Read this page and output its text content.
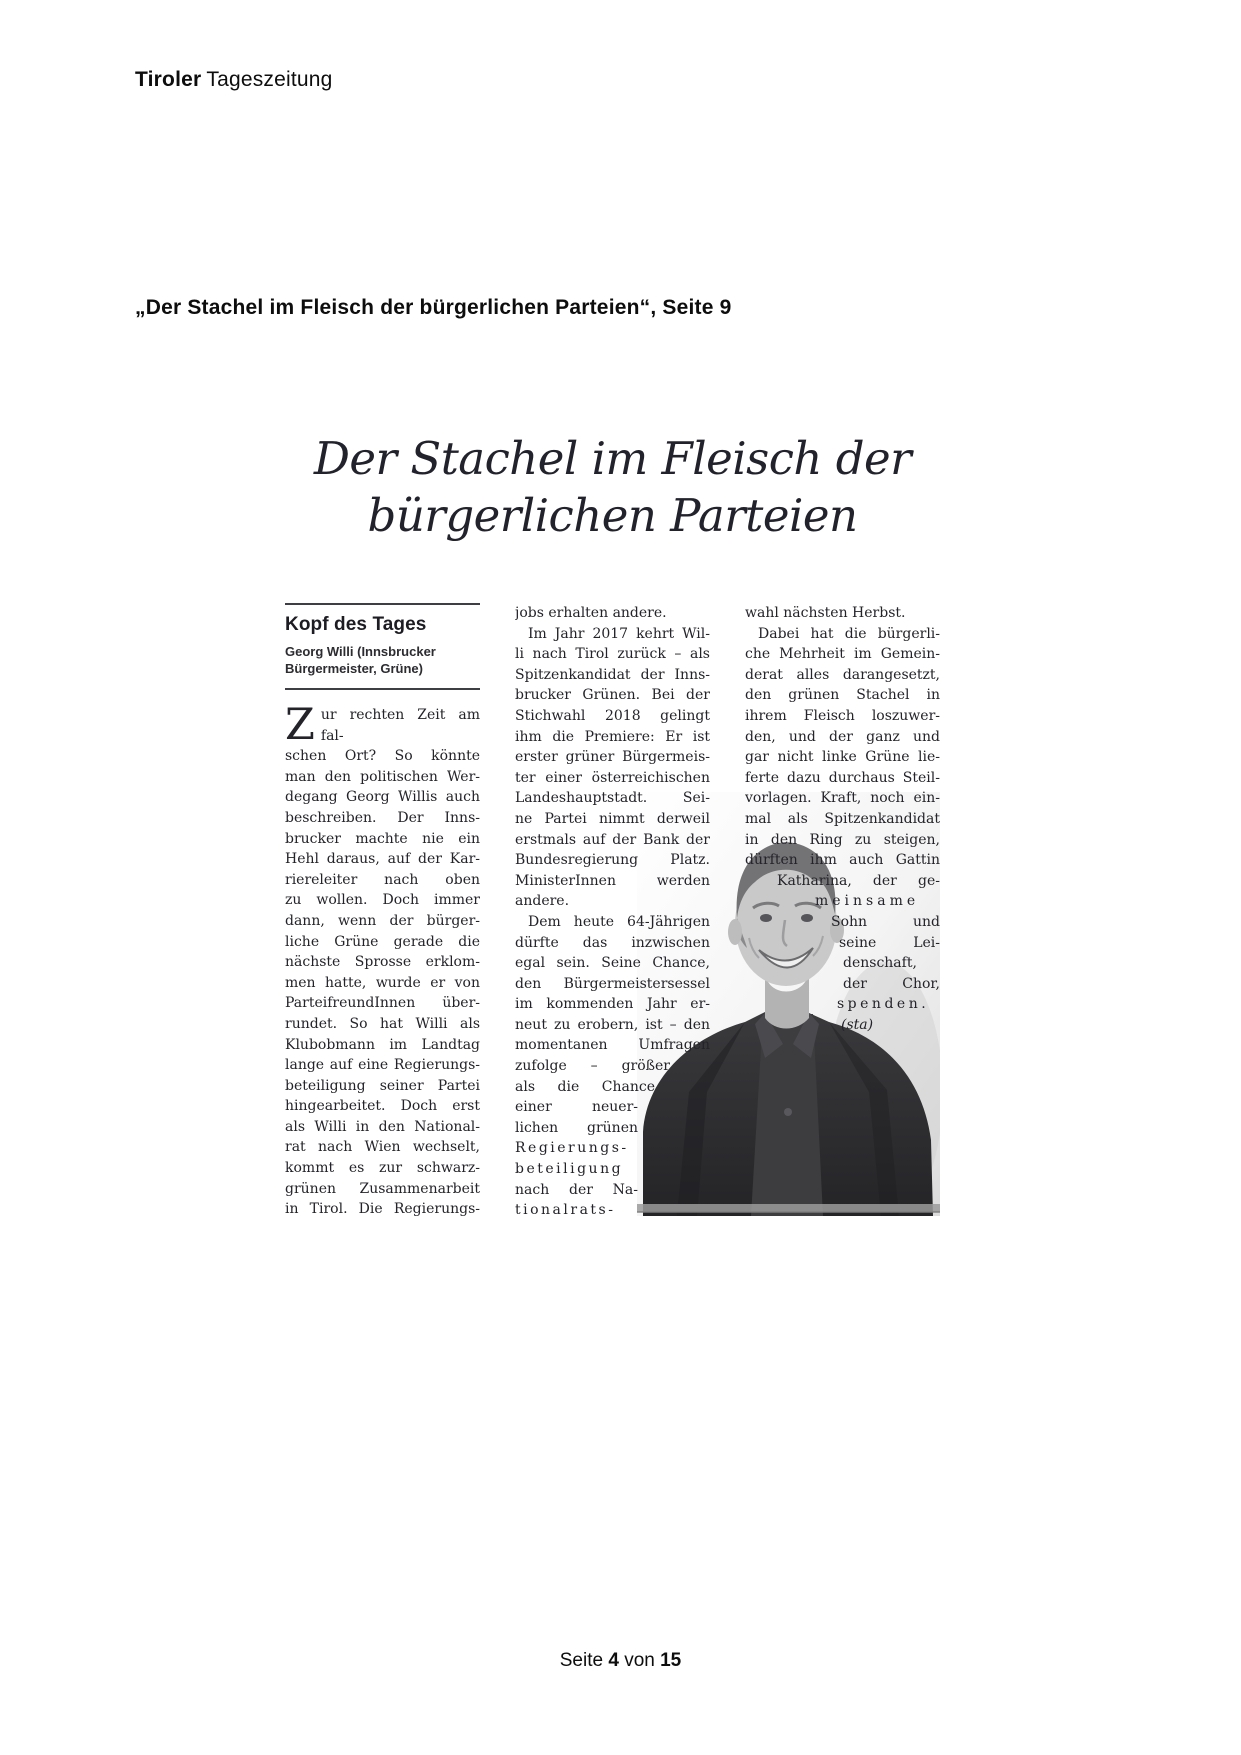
Tiroler Tageszeitung
„Der Stachel im Fleisch der bürgerlichen Parteien“, Seite 9
Der Stachel im Fleisch der
bürgerlichen Parteien
Kopf des Tages
Georg Willi (Innsbrucker
Bürgermeister, Grüne)
Z ur rechten Zeit am fal-
schen Ort? So könnte
man den politischen Wer-
degang Georg Willis auch
beschreiben. Der Inns-
brucker machte nie ein
Hehl daraus, auf der Kar-
riereleiter nach oben
zu wollen. Doch immer
dann, wenn der bürger-
liche Grüne gerade die
nächste Sprosse erklom-
men hatte, wurde er von
ParteifreundInnen über-
rundet. So hat Willi als
Klubobmann im Landtag
lange auf eine Regierungs-
beteiligung seiner Partei
hingearbeitet. Doch erst
als Willi in den National-
rat nach Wien wechselt,
kommt es zur schwarz-
grünen Zusammenarbeit
in Tirol. Die Regierungs-
jobs erhalten andere.
Im Jahr 2017 kehrt Wil-
li nach Tirol zurück – als
Spitzenkandidat der Inns-
brucker Grünen. Bei der
Stichwahl 2018 gelingt
ihm die Premiere: Er ist
erster grüner Bürgermeis-
ter einer österreichischen
Landeshauptstadt. Sei-
ne Partei nimmt derweil
erstmals auf der Bank der
Bundesregierung Platz.
MinisterInnen werden
andere.
Dem heute 64-Jährigen
dürfte das inzwischen
egal sein. Seine Chance,
den Bürgermeistersessel
im kommenden Jahr er-
neut zu erobern, ist – den
momentanen Umfragen
zufolge – größer
als die Chance
einer neuer-
lichen grünen
Regierungs-
beteiligung
nach der Na-
tionalrats-
wahl nächsten Herbst.
Dabei hat die bürgerli-
che Mehrheit im Gemein-
derat alles darangesetzt,
den grünen Stachel in
ihrem Fleisch loszuwer-
den, und der ganz und
gar nicht linke Grüne lie-
ferte dazu durchaus Steil-
vorlagen. Kraft, noch ein-
mal als Spitzenkandidat
in den Ring zu steigen,
dürften ihm auch Gattin
Katharina, der ge-
meinsame
Sohn und
seine Lei-
denschaft,
der Chor,
spenden.
(sta)
Seite 4 von 15
